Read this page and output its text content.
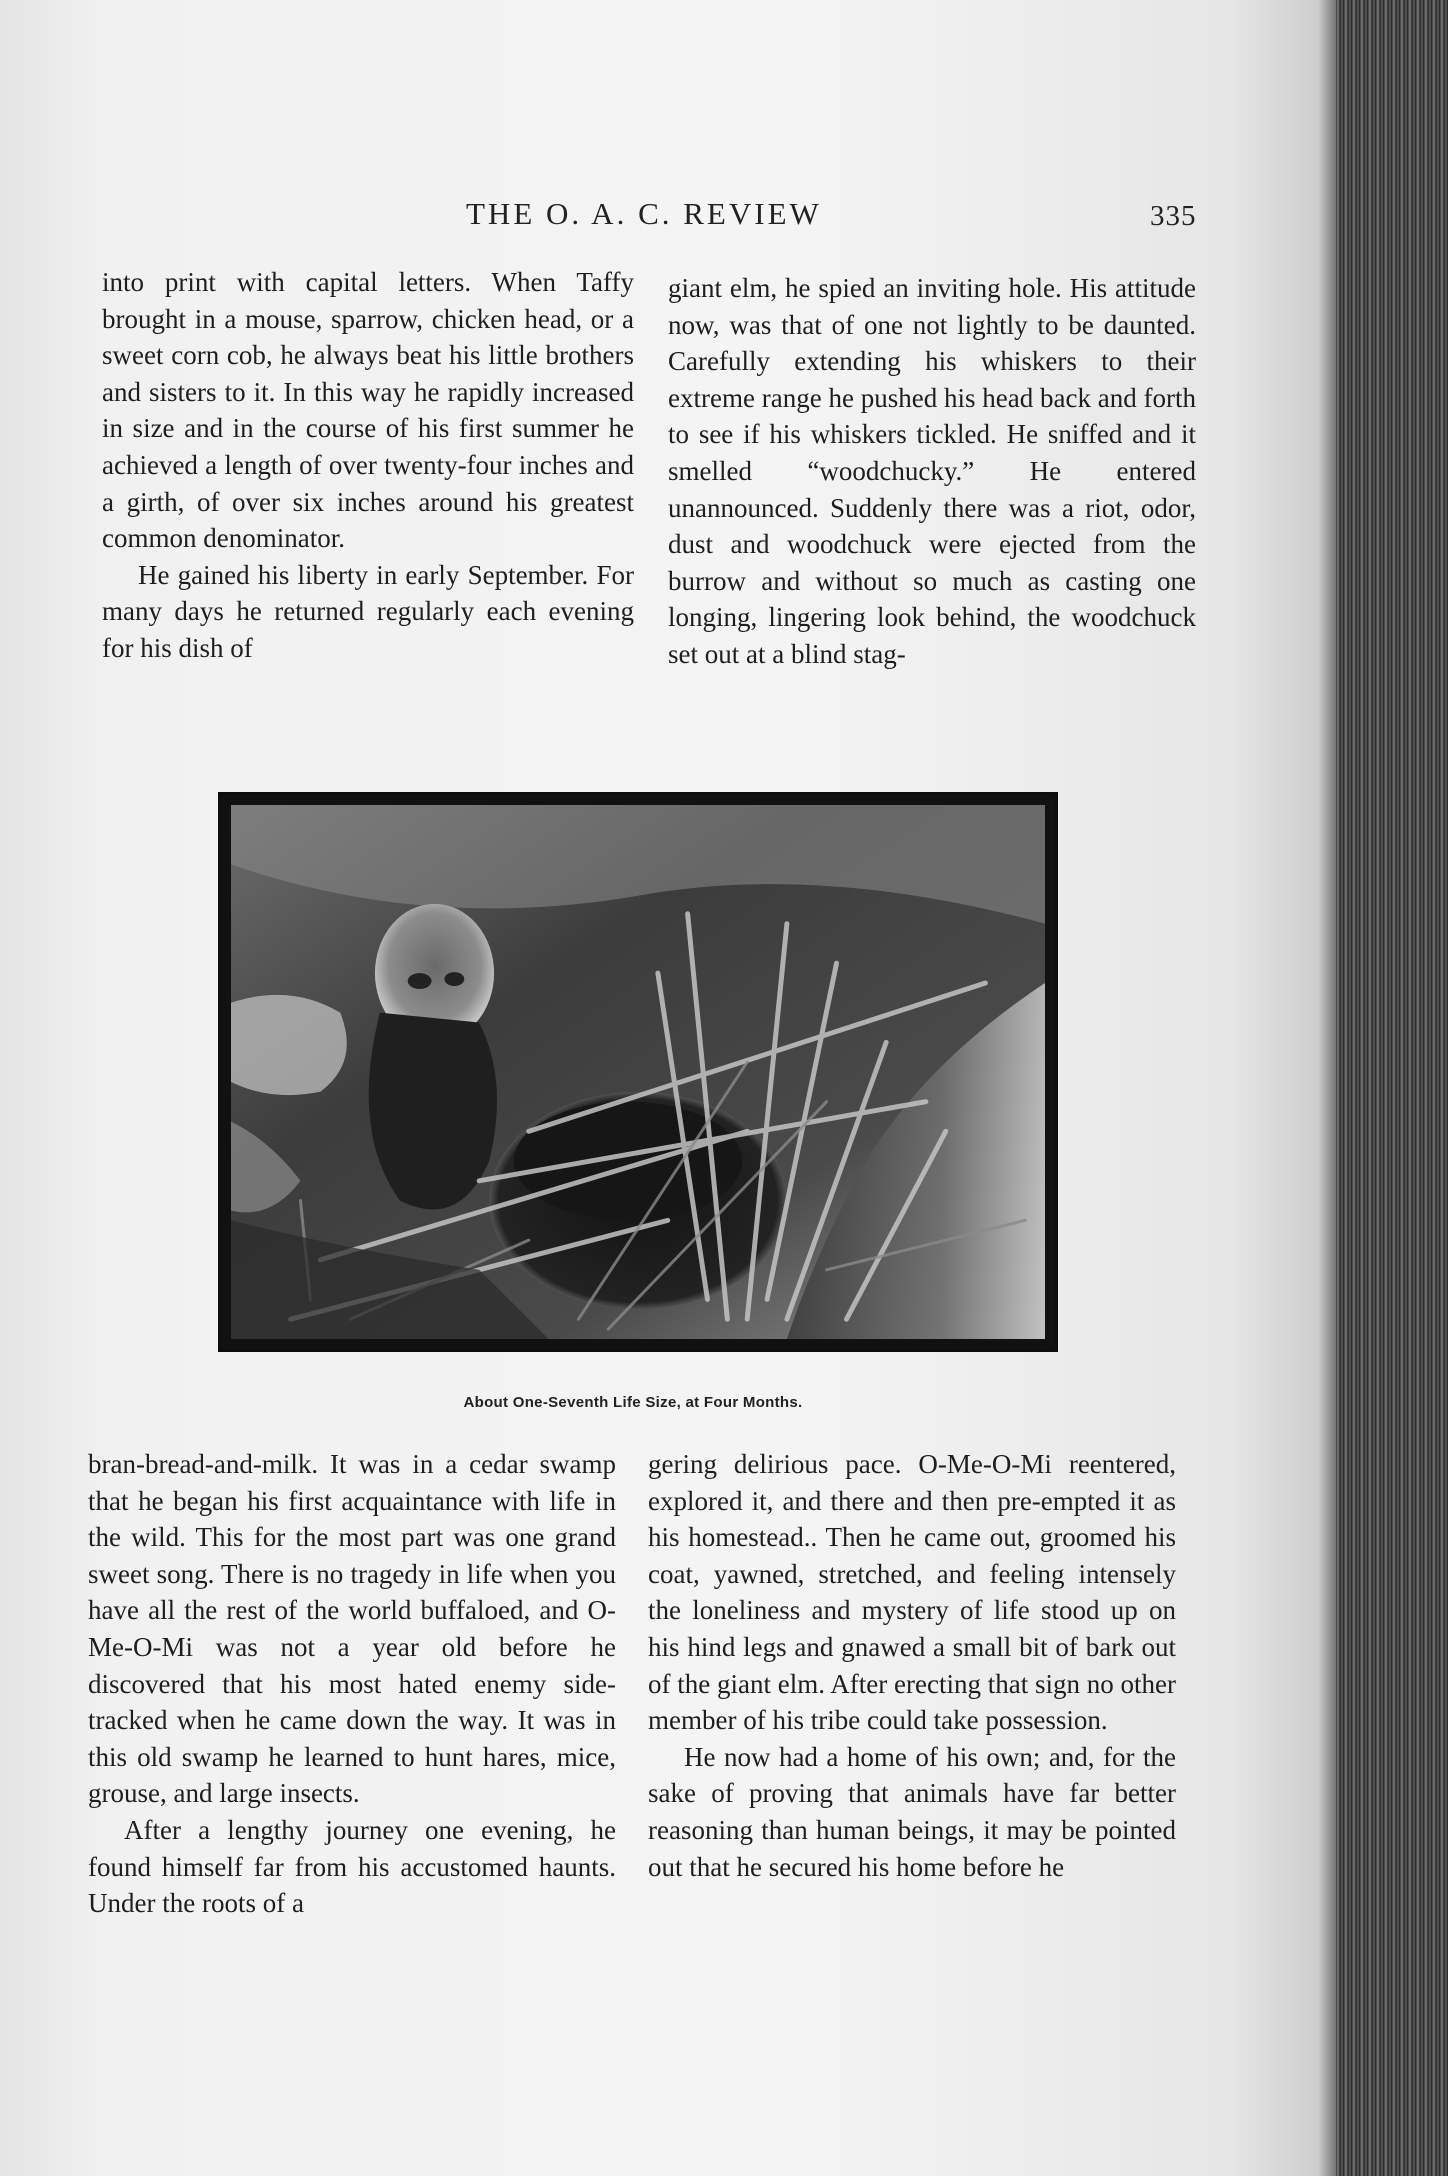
THE O. A. C. REVIEW	335

into print with capital letters. When Taffy brought in a mouse, sparrow, chicken head, or a sweet corn cob, he always beat his little brothers and sisters to it. In this way he rapidly increased in size and in the course of his first summer he achieved a length of over twenty-four inches and a girth, of over six inches around his greatest common denominator.

He gained his liberty in early September. For many days he returned regularly each evening for his dish of

giant elm, he spied an inviting hole. His attitude now, was that of one not lightly to be daunted. Carefully extending his whiskers to their extreme range he pushed his head back and forth to see if his whiskers tickled. He sniffed and it smelled “woodchucky.” He entered unannounced. Suddenly there was a riot, odor, dust and woodchuck were ejected from the burrow and without so much as casting one longing, lingering look behind, the woodchuck set out at a blind stag-

About One-Seventh Life Size, at Four Months.

bran-bread-and-milk. It was in a cedar swamp that he began his first acquaintance with life in the wild. This for the most part was one grand sweet song. There is no tragedy in life when you have all the rest of the world buffaloed, and O-Me-O-Mi was not a year old before he discovered that his most hated enemy side-tracked when he came down the way. It was in this old swamp he learned to hunt hares, mice, grouse, and large insects.

After a lengthy journey one evening, he found himself far from his accustomed haunts. Under the roots of a

gering delirious pace. O-Me-O-Mi reentered, explored it, and there and then pre-empted it as his homestead.. Then he came out, groomed his coat, yawned, stretched, and feeling intensely the loneliness and mystery of life stood up on his hind legs and gnawed a small bit of bark out of the giant elm. After erecting that sign no other member of his tribe could take possession.

He now had a home of his own; and, for the sake of proving that animals have far better reasoning than human beings, it may be pointed out that he secured his home before he
